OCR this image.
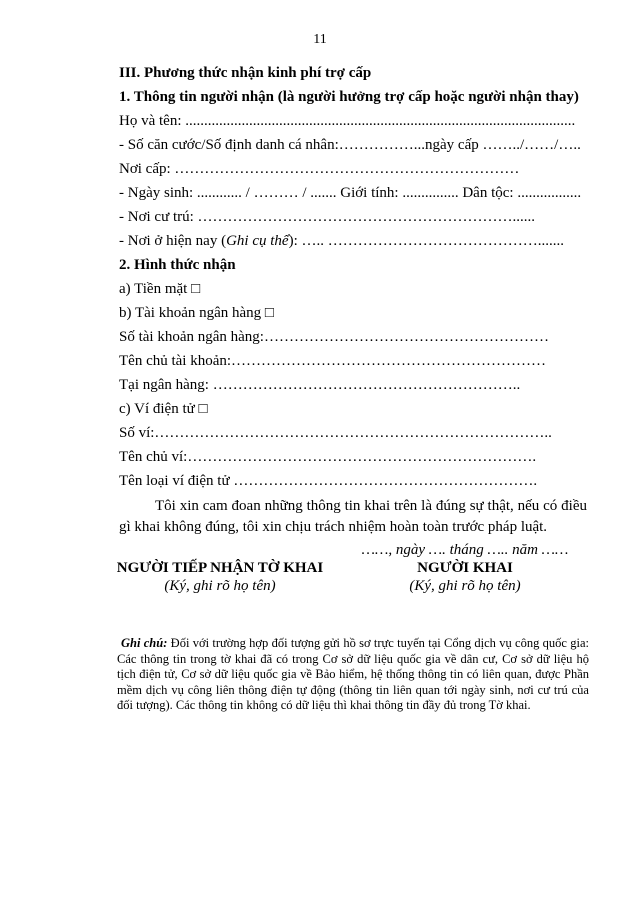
11
III. Phương thức nhận kinh phí trợ cấp
1. Thông tin người nhận (là người hưởng trợ cấp hoặc người nhận thay)
Họ và tên: ........................................................................................................
- Số căn cước/Số định danh cá nhân:……………...ngày cấp ……../……/…..
Nơi cấp: ……………………………………………………………
- Ngày sinh: ............ / ……… / ....... Giới tính: ............... Dân tộc: .................
- Nơi cư trú: ………………………………………………………......
- Nơi ở hiện nay (Ghi cụ thể): ….. …………………………………….......
2. Hình thức nhận
a) Tiền mặt □
b) Tài khoản ngân hàng □
Số tài khoản ngân hàng:…………………………………………………
Tên chủ tài khoản:………………………………………………………
Tại ngân hàng: ……………………………………………………..
c) Ví điện tử □
Số ví:……………………………………………………………………..
Tên chủ ví:…………………………………………………………….
Tên loại ví điện tử …………………………………………………….
Tôi xin cam đoan những thông tin khai trên là đúng sự thật, nếu có điều gì khai không đúng, tôi xin chịu trách nhiệm hoàn toàn trước pháp luật.
……, ngày …. tháng ….. năm ……
NGƯỜI TIẾP NHẬN TỜ KHAI
(Ký, ghi rõ họ tên)
NGƯỜI KHAI
(Ký, ghi rõ họ tên)
Ghi chú: Đối với trường hợp đối tượng gửi hồ sơ trực tuyến tại Cổng dịch vụ công quốc gia: Các thông tin trong tờ khai đã có trong Cơ sở dữ liệu quốc gia về dân cư, Cơ sở dữ liệu hộ tịch điện tử, Cơ sở dữ liệu quốc gia về Bảo hiểm, hệ thống thông tin có liên quan, được Phần mềm dịch vụ công liên thông điện tự động (thông tin liên quan tới ngày sinh, nơi cư trú của đối tượng). Các thông tin không có dữ liệu thì khai thông tin đầy đủ trong Tờ khai.
